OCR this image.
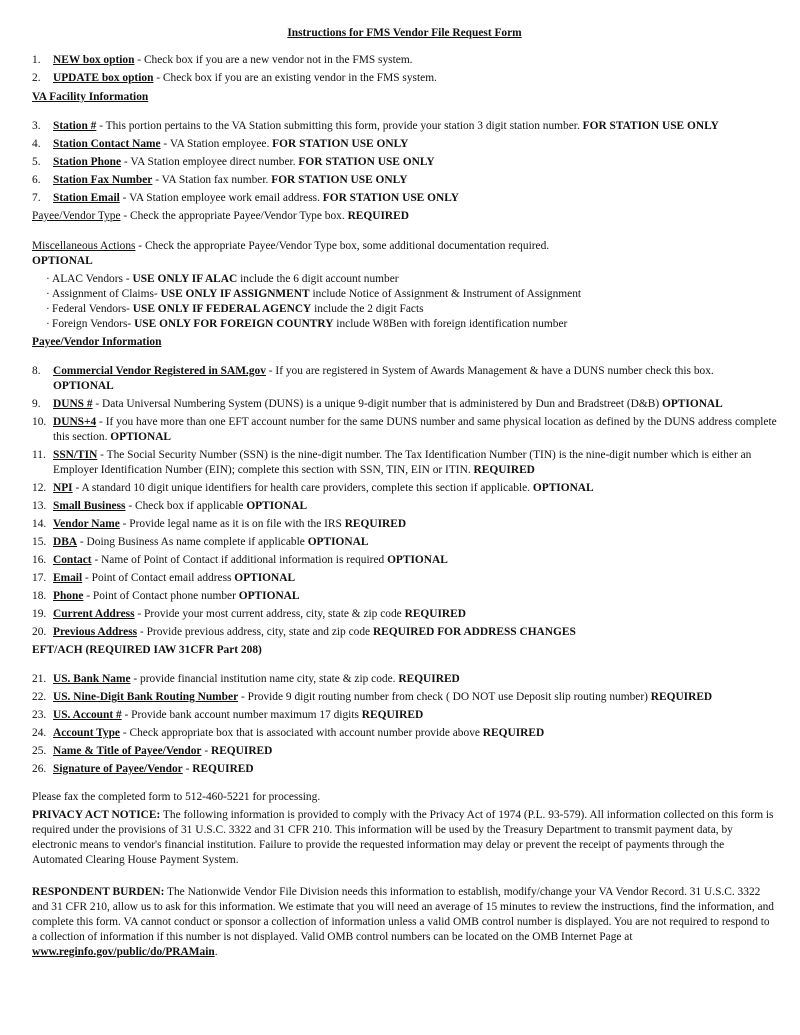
Instructions for FMS Vendor File Request Form
1. NEW box option - Check box if you are a new vendor not in the FMS system.
2. UPDATE box option - Check box if you are an existing vendor in the FMS system.
VA Facility Information
3. Station # - This portion pertains to the VA Station submitting this form, provide your station 3 digit station number. FOR STATION USE ONLY
4. Station Contact Name - VA Station employee. FOR STATION USE ONLY
5. Station Phone - VA Station employee direct number. FOR STATION USE ONLY
6. Station Fax Number - VA Station fax number. FOR STATION USE ONLY
7. Station Email - VA Station employee work email address. FOR STATION USE ONLY
Payee/Vendor Type - Check the appropriate Payee/Vendor Type box. REQUIRED
Miscellaneous Actions - Check the appropriate Payee/Vendor Type box, some additional documentation required.
OPTIONAL
· ALAC Vendors - USE ONLY IF ALAC include the 6 digit account number
· Assignment of Claims- USE ONLY IF ASSIGNMENT include Notice of Assignment & Instrument of Assignment
· Federal Vendors- USE ONLY IF FEDERAL AGENCY include the 2 digit Facts
· Foreign Vendors- USE ONLY FOR FOREIGN COUNTRY include W8Ben with foreign identification number
Payee/Vendor Information
8. Commercial Vendor Registered in SAM.gov - If you are registered in System of Awards Management & have a DUNS number check this box. OPTIONAL
9. DUNS # - Data Universal Numbering System (DUNS) is a unique 9-digit number that is administered by Dun and Bradstreet (D&B) OPTIONAL
10. DUNS+4 - If you have more than one EFT account number for the same DUNS number and same physical location as defined by the DUNS address complete this section. OPTIONAL
11. SSN/TIN - The Social Security Number (SSN) is the nine-digit number. The Tax Identification Number (TIN) is the nine-digit number which is either an Employer Identification Number (EIN); complete this section with SSN, TIN, EIN or ITIN. REQUIRED
12. NPI - A standard 10 digit unique identifiers for health care providers, complete this section if applicable. OPTIONAL
13. Small Business - Check box if applicable OPTIONAL
14. Vendor Name - Provide legal name as it is on file with the IRS REQUIRED
15. DBA - Doing Business As name complete if applicable OPTIONAL
16. Contact - Name of Point of Contact if additional information is required OPTIONAL
17. Email - Point of Contact email address OPTIONAL
18. Phone - Point of Contact phone number OPTIONAL
19. Current Address - Provide your most current address, city, state & zip code REQUIRED
20. Previous Address - Provide previous address, city, state and zip code REQUIRED FOR ADDRESS CHANGES
EFT/ACH (REQUIRED IAW 31CFR Part 208)
21. US. Bank Name - provide financial institution name city, state & zip code. REQUIRED
22. US. Nine-Digit Bank Routing Number - Provide 9 digit routing number from check ( DO NOT use Deposit slip routing number) REQUIRED
23. US. Account # - Provide bank account number maximum 17 digits REQUIRED
24. Account Type - Check appropriate box that is associated with account number provide above REQUIRED
25. Name & Title of Payee/Vendor - REQUIRED
26. Signature of Payee/Vendor - REQUIRED
Please fax the completed form to 512-460-5221 for processing.
PRIVACY ACT NOTICE: The following information is provided to comply with the Privacy Act of 1974 (P.L. 93-579). All information collected on this form is required under the provisions of 31 U.S.C. 3322 and 31 CFR 210. This information will be used by the Treasury Department to transmit payment data, by electronic means to vendor's financial institution. Failure to provide the requested information may delay or prevent the receipt of payments through the Automated Clearing House Payment System.
RESPONDENT BURDEN: The Nationwide Vendor File Division needs this information to establish, modify/change your VA Vendor Record. 31 U.S.C. 3322 and 31 CFR 210, allow us to ask for this information. We estimate that you will need an average of 15 minutes to review the instructions, find the information, and complete this form. VA cannot conduct or sponsor a collection of information unless a valid OMB control number is displayed. You are not required to respond to a collection of information if this number is not displayed. Valid OMB control numbers can be located on the OMB Internet Page at www.reginfo.gov/public/do/PRAMain.
